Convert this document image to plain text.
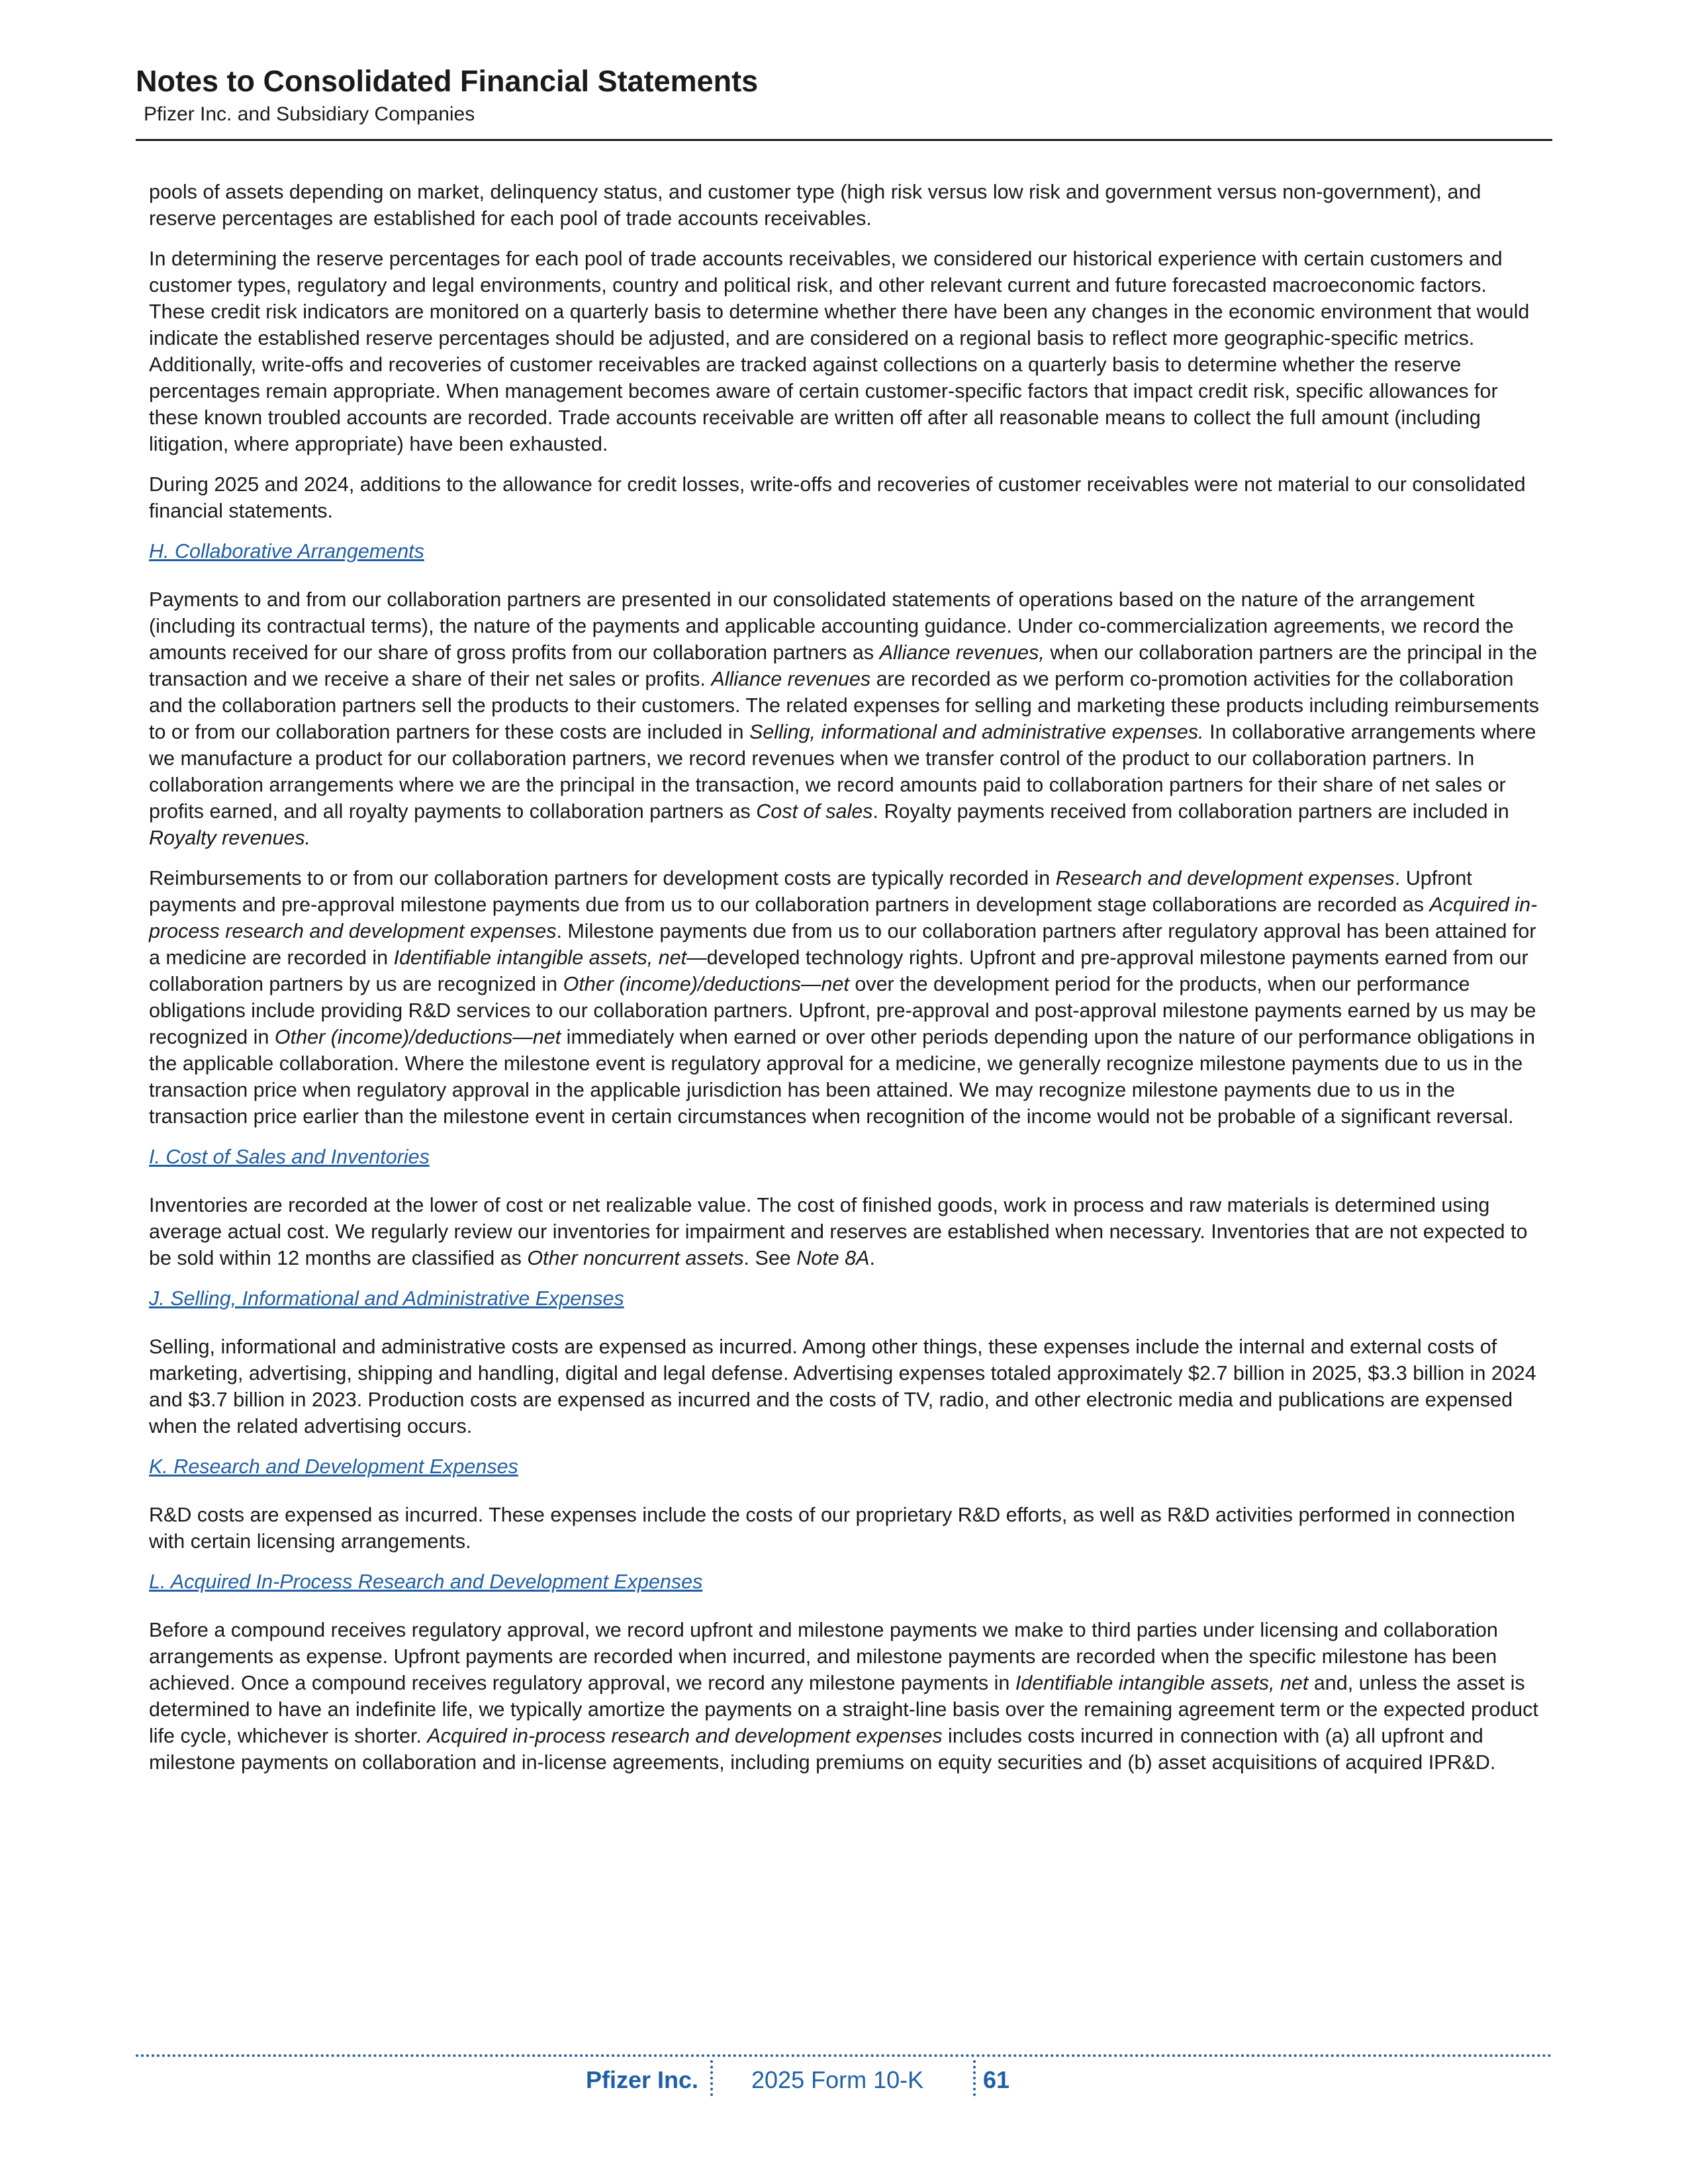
Notes to Consolidated Financial Statements
Pfizer Inc. and Subsidiary Companies

pools of assets depending on market, delinquency status, and customer type (high risk versus low risk and government versus non-government), and reserve percentages are established for each pool of trade accounts receivables.

In determining the reserve percentages for each pool of trade accounts receivables, we considered our historical experience with certain customers and customer types, regulatory and legal environments, country and political risk, and other relevant current and future forecasted macroeconomic factors. These credit risk indicators are monitored on a quarterly basis to determine whether there have been any changes in the economic environment that would indicate the established reserve percentages should be adjusted, and are considered on a regional basis to reflect more geographic-specific metrics. Additionally, write-offs and recoveries of customer receivables are tracked against collections on a quarterly basis to determine whether the reserve percentages remain appropriate. When management becomes aware of certain customer-specific factors that impact credit risk, specific allowances for these known troubled accounts are recorded. Trade accounts receivable are written off after all reasonable means to collect the full amount (including litigation, where appropriate) have been exhausted.

During 2025 and 2024, additions to the allowance for credit losses, write-offs and recoveries of customer receivables were not material to our consolidated financial statements.

H. Collaborative Arrangements

Payments to and from our collaboration partners are presented in our consolidated statements of operations based on the nature of the arrangement (including its contractual terms), the nature of the payments and applicable accounting guidance. Under co-commercialization agreements, we record the amounts received for our share of gross profits from our collaboration partners as Alliance revenues, when our collaboration partners are the principal in the transaction and we receive a share of their net sales or profits. Alliance revenues are recorded as we perform co-promotion activities for the collaboration and the collaboration partners sell the products to their customers. The related expenses for selling and marketing these products including reimbursements to or from our collaboration partners for these costs are included in Selling, informational and administrative expenses. In collaborative arrangements where we manufacture a product for our collaboration partners, we record revenues when we transfer control of the product to our collaboration partners. In collaboration arrangements where we are the principal in the transaction, we record amounts paid to collaboration partners for their share of net sales or profits earned, and all royalty payments to collaboration partners as Cost of sales. Royalty payments received from collaboration partners are included in Royalty revenues.

Reimbursements to or from our collaboration partners for development costs are typically recorded in Research and development expenses. Upfront payments and pre-approval milestone payments due from us to our collaboration partners in development stage collaborations are recorded as Acquired in-process research and development expenses. Milestone payments due from us to our collaboration partners after regulatory approval has been attained for a medicine are recorded in Identifiable intangible assets, net—developed technology rights. Upfront and pre-approval milestone payments earned from our collaboration partners by us are recognized in Other (income)/deductions—net over the development period for the products, when our performance obligations include providing R&D services to our collaboration partners. Upfront, pre-approval and post-approval milestone payments earned by us may be recognized in Other (income)/deductions—net immediately when earned or over other periods depending upon the nature of our performance obligations in the applicable collaboration. Where the milestone event is regulatory approval for a medicine, we generally recognize milestone payments due to us in the transaction price when regulatory approval in the applicable jurisdiction has been attained. We may recognize milestone payments due to us in the transaction price earlier than the milestone event in certain circumstances when recognition of the income would not be probable of a significant reversal.

I. Cost of Sales and Inventories

Inventories are recorded at the lower of cost or net realizable value. The cost of finished goods, work in process and raw materials is determined using average actual cost. We regularly review our inventories for impairment and reserves are established when necessary. Inventories that are not expected to be sold within 12 months are classified as Other noncurrent assets. See Note 8A.

J. Selling, Informational and Administrative Expenses

Selling, informational and administrative costs are expensed as incurred. Among other things, these expenses include the internal and external costs of marketing, advertising, shipping and handling, digital and legal defense. Advertising expenses totaled approximately $2.7 billion in 2025, $3.3 billion in 2024 and $3.7 billion in 2023. Production costs are expensed as incurred and the costs of TV, radio, and other electronic media and publications are expensed when the related advertising occurs.

K. Research and Development Expenses

R&D costs are expensed as incurred. These expenses include the costs of our proprietary R&D efforts, as well as R&D activities performed in connection with certain licensing arrangements.

L. Acquired In-Process Research and Development Expenses

Before a compound receives regulatory approval, we record upfront and milestone payments we make to third parties under licensing and collaboration arrangements as expense. Upfront payments are recorded when incurred, and milestone payments are recorded when the specific milestone has been achieved. Once a compound receives regulatory approval, we record any milestone payments in Identifiable intangible assets, net and, unless the asset is determined to have an indefinite life, we typically amortize the payments on a straight-line basis over the remaining agreement term or the expected product life cycle, whichever is shorter. Acquired in-process research and development expenses includes costs incurred in connection with (a) all upfront and milestone payments on collaboration and in-license agreements, including premiums on equity securities and (b) asset acquisitions of acquired IPR&D.

Pfizer Inc. 2025 Form 10-K 61
